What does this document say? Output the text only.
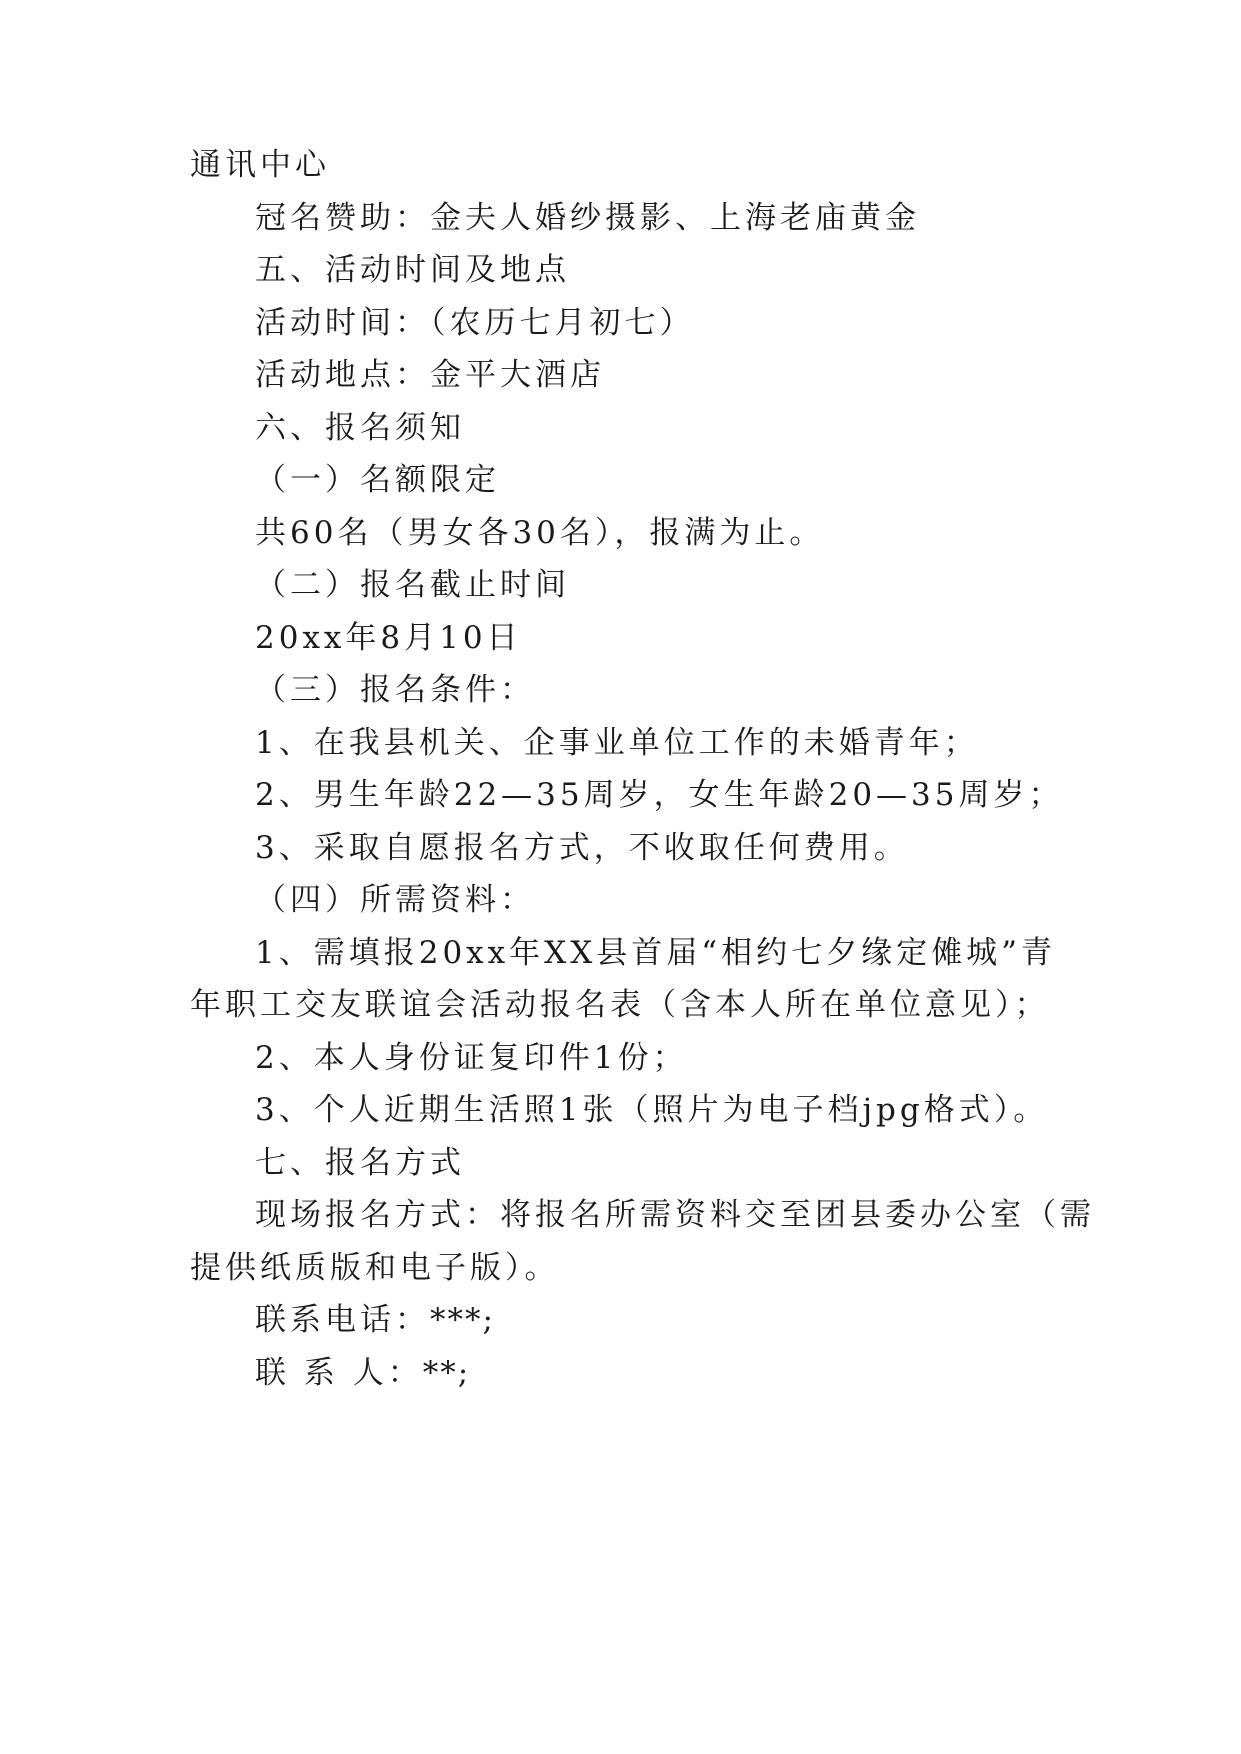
通讯中心
冠名赞助：金夫人婚纱摄影、上海老庙黄金
五、活动时间及地点
活动时间：（农历七月初七）
活动地点：金平大酒店
六、报名须知
（一）名额限定
共60名（男女各30名），报满为止。
（二）报名截止时间
20xx年8月10日
（三）报名条件：
1、在我县机关、企事业单位工作的未婚青年；
2、男生年龄22—35周岁，女生年龄20—35周岁；
3、采取自愿报名方式，不收取任何费用。
（四）所需资料：
1、需填报20xx年XX县首届“相约七夕缘定傩城”青
年职工交友联谊会活动报名表（含本人所在单位意见）；
2、本人身份证复印件1份；
3、个人近期生活照1张（照片为电子档jpg格式）。
七、报名方式
现场报名方式：将报名所需资料交至团县委办公室（需
提供纸质版和电子版）。
联系电话：***;
联 系 人：**;
